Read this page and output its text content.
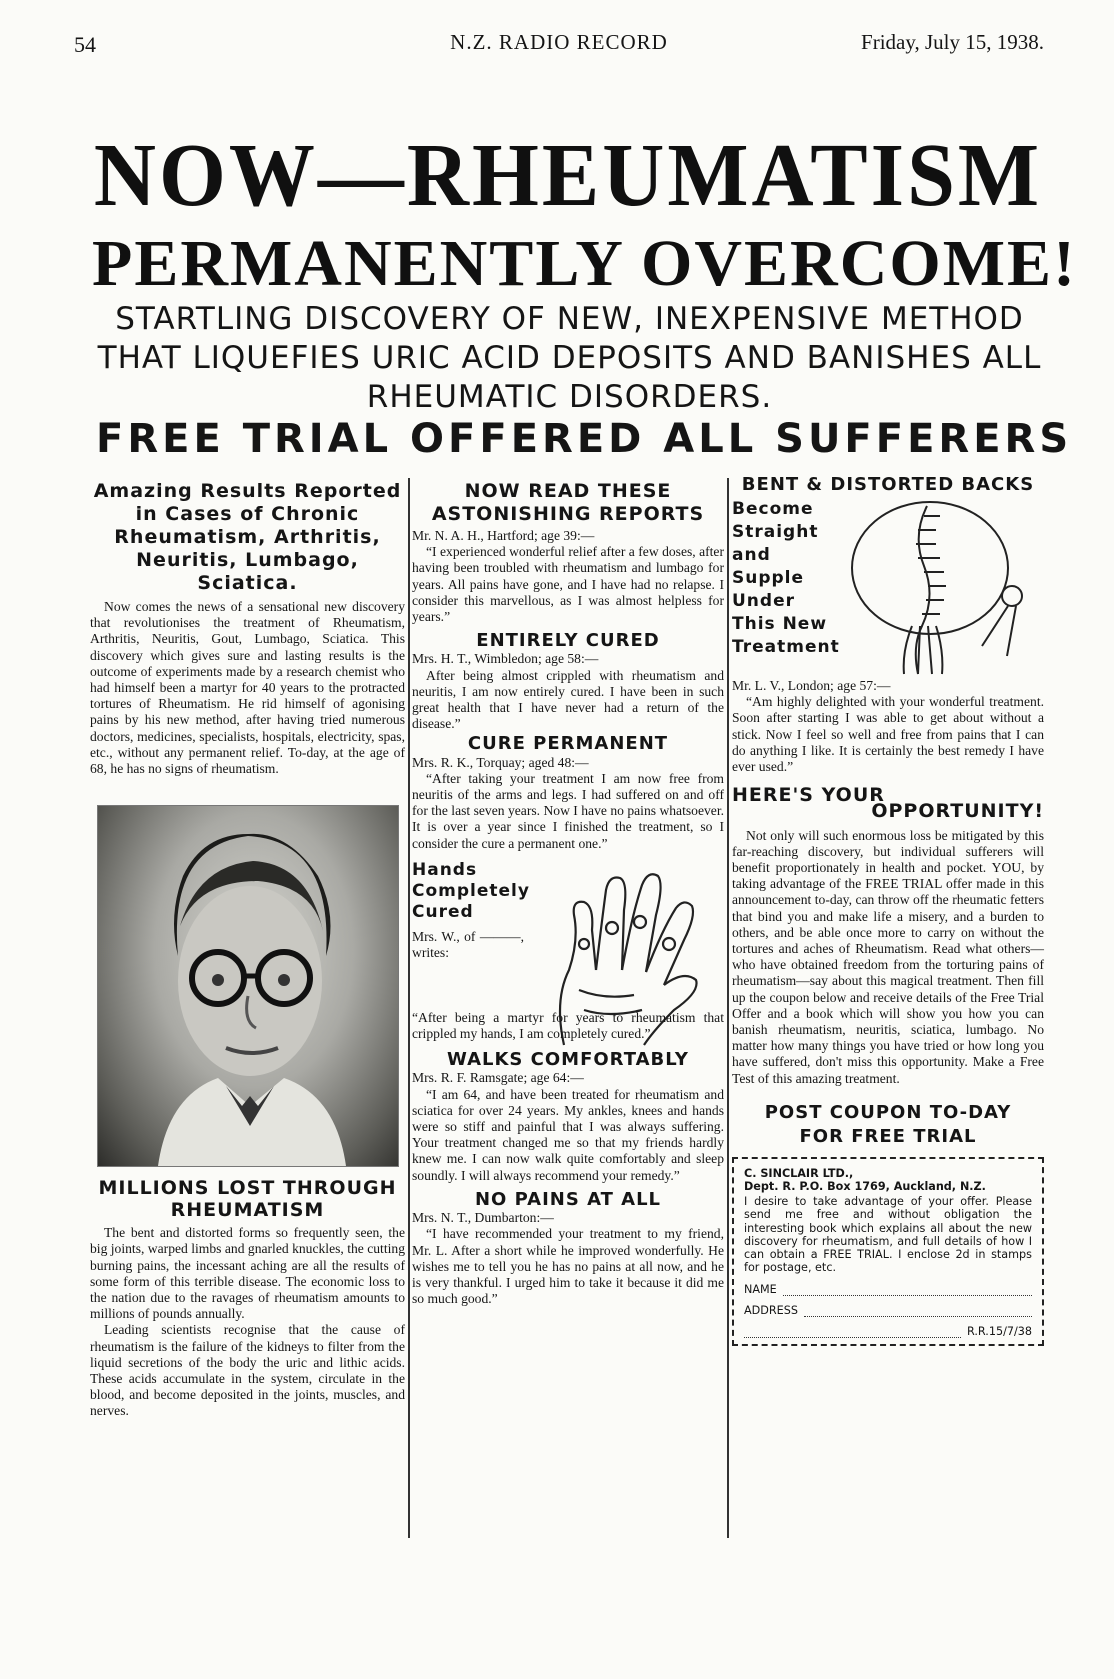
54	N.Z. RADIO RECORD	Friday, July 15, 1938.
NOW—RHEUMATISM
PERMANENTLY OVERCOME!
STARTLING DISCOVERY OF NEW, INEXPENSIVE METHOD THAT LIQUEFIES URIC ACID DEPOSITS AND BANISHES ALL RHEUMATIC DISORDERS.
FREE TRIAL OFFERED ALL SUFFERERS
Amazing Results Reported in Cases of Chronic Rheumatism, Arthritis, Neuritis, Lumbago, Sciatica.

Now comes the news of a sensational new discovery that revolutionises the treatment of Rheumatism, Arthritis, Neuritis, Gout, Lumbago, Sciatica. This discovery which gives sure and lasting results is the outcome of experiments made by a research chemist who had himself been a martyr for 40 years to the protracted tortures of Rheumatism. He rid himself of agonising pains by his new method, after having tried numerous doctors, medicines, specialists, hospitals, electricity, spas, etc., without any permanent relief. To-day, at the age of 68, he has no signs of rheumatism.

MILLIONS LOST THROUGH RHEUMATISM

The bent and distorted forms so frequently seen, the big joints, warped limbs and gnarled knuckles, the cutting burning pains, the incessant aching are all the results of some form of this terrible disease. The economic loss to the nation due to the ravages of rheumatism amounts to millions of pounds annually.

Leading scientists recognise that the cause of rheumatism is the failure of the kidneys to filter from the liquid secretions of the body the uric and lithic acids. These acids accumulate in the system, circulate in the blood, and become deposited in the joints, muscles, and nerves.

NOW READ THESE ASTONISHING REPORTS
Mr. N. A. H., Hartford; age 39:—

“I experienced wonderful relief after a few doses, after having been troubled with rheumatism and lumbago for years. All pains have gone, and I have had no relapse. I consider this marvellous, as I was almost helpless for years.”

ENTIRELY CURED
Mrs. H. T., Wimbledon; age 58:—

After being almost crippled with rheumatism and neuritis, I am now entirely cured. I have been in such great health that I have never had a return of the disease.”

CURE PERMANENT
Mrs. R. K., Torquay; aged 48:—

“After taking your treatment I am now free from neuritis of the arms and legs. I had suffered on and off for the last seven years. Now I have no pains whatsoever. It is over a year since I finished the treatment, so I consider the cure a permanent one.”

Hands Completely Cured
Mrs. W., of ———, writes:

“After being a martyr for years to rheumatism that crippled my hands, I am completely cured.”

WALKS COMFORTABLY
Mrs. R. F. Ramsgate; age 64:—

“I am 64, and have been treated for rheumatism and sciatica for over 24 years. My ankles, knees and hands were so stiff and painful that I was always suffering. Your treatment changed me so that my friends hardly knew me. I can now walk quite comfortably and sleep soundly. I will always recommend your remedy.”

NO PAINS AT ALL
Mrs. N. T., Dumbarton:—

“I have recommended your treatment to my friend, Mr. L. After a short while he improved wonderfully. He wishes me to tell you he has no pains at all now, and he is very thankful. I urged him to take it because it did me so much good.”

BENT & DISTORTED BACKS
Become Straight and Supple Under This New Treatment
Mr. L. V., London; age 57:—

“Am highly delighted with your wonderful treatment. Soon after starting I was able to get about without a stick. Now I feel so well and free from pains that I can do anything I like. It is certainly the best remedy I have ever used.”

HERE'S YOUR
OPPORTUNITY!

Not only will such enormous loss be mitigated by this far-reaching discovery, but individual sufferers will benefit proportionately in health and pocket. YOU, by taking advantage of the FREE TRIAL offer made in this announcement to-day, can throw off the rheumatic fetters that bind you and make life a misery, and a burden to others, and be able once more to carry on without the tortures and aches of Rheumatism. Read what others—who have obtained freedom from the torturing pains of rheumatism—say about this magical treatment. Then fill up the coupon below and receive details of the Free Trial Offer and a book which will show you how you can banish rheumatism, neuritis, sciatica, lumbago. No matter how many things you have tried or how long you have suffered, don't miss this opportunity. Make a Free Test of this amazing treatment.

POST COUPON TO-DAY FOR FREE TRIAL
C. SINCLAIR LTD.,
Dept. R. P.O. Box 1769, Auckland, N.Z.
I desire to take advantage of your offer. Please send me free and without obligation the interesting book which explains all about the new discovery for rheumatism, and full details of how I can obtain a FREE TRIAL. I enclose 2d in stamps for postage, etc.
NAME
ADDRESS
R.R.15/7/38
